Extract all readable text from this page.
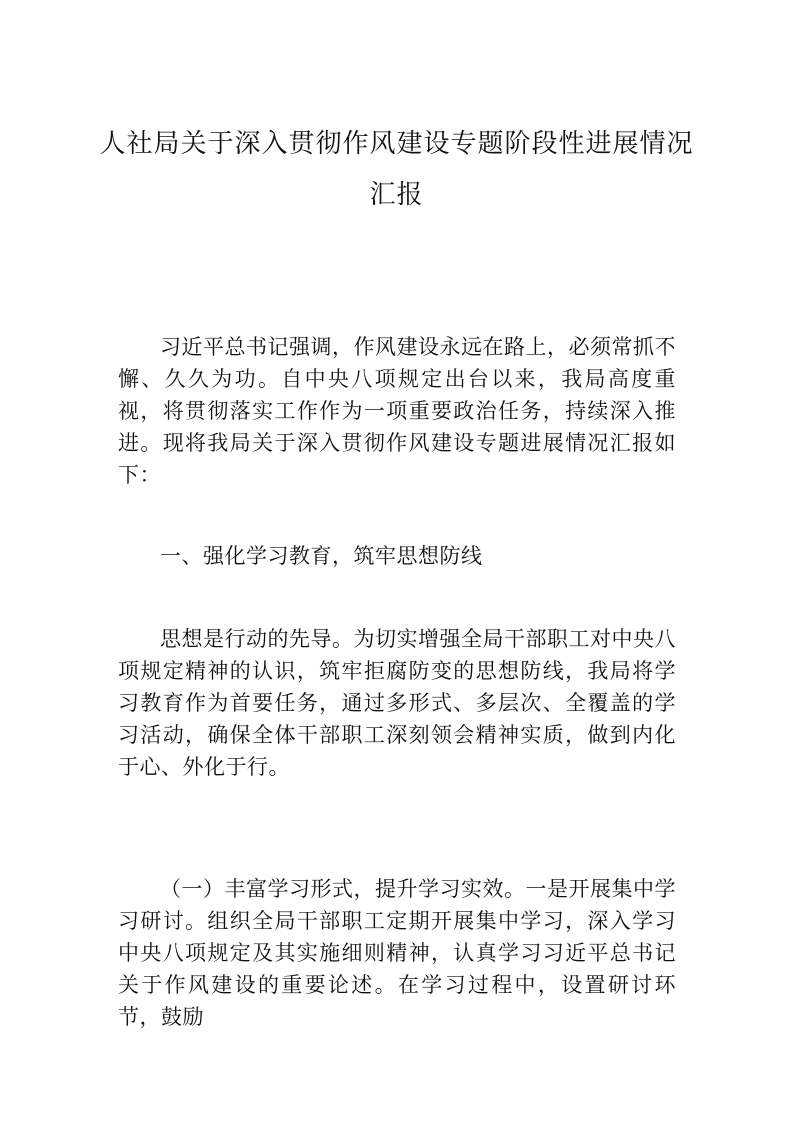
人社局关于深入贯彻作风建设专题阶段性进展情况
汇报

习近平总书记强调，作风建设永远在路上，必须常抓不懈、久久为功。自中央八项规定出台以来，我局高度重视，将贯彻落实工作作为一项重要政治任务，持续深入推进。现将我局关于深入贯彻作风建设专题进展情况汇报如下：

一、强化学习教育，筑牢思想防线

思想是行动的先导。为切实增强全局干部职工对中央八项规定精神的认识，筑牢拒腐防变的思想防线，我局将学习教育作为首要任务，通过多形式、多层次、全覆盖的学习活动，确保全体干部职工深刻领会精神实质，做到内化于心、外化于行。

（一）丰富学习形式，提升学习实效。一是开展集中学习研讨。组织全局干部职工定期开展集中学习，深入学习中央八项规定及其实施细则精神，认真学习习近平总书记关于作风建设的重要论述。在学习过程中，设置研讨环节，鼓励
